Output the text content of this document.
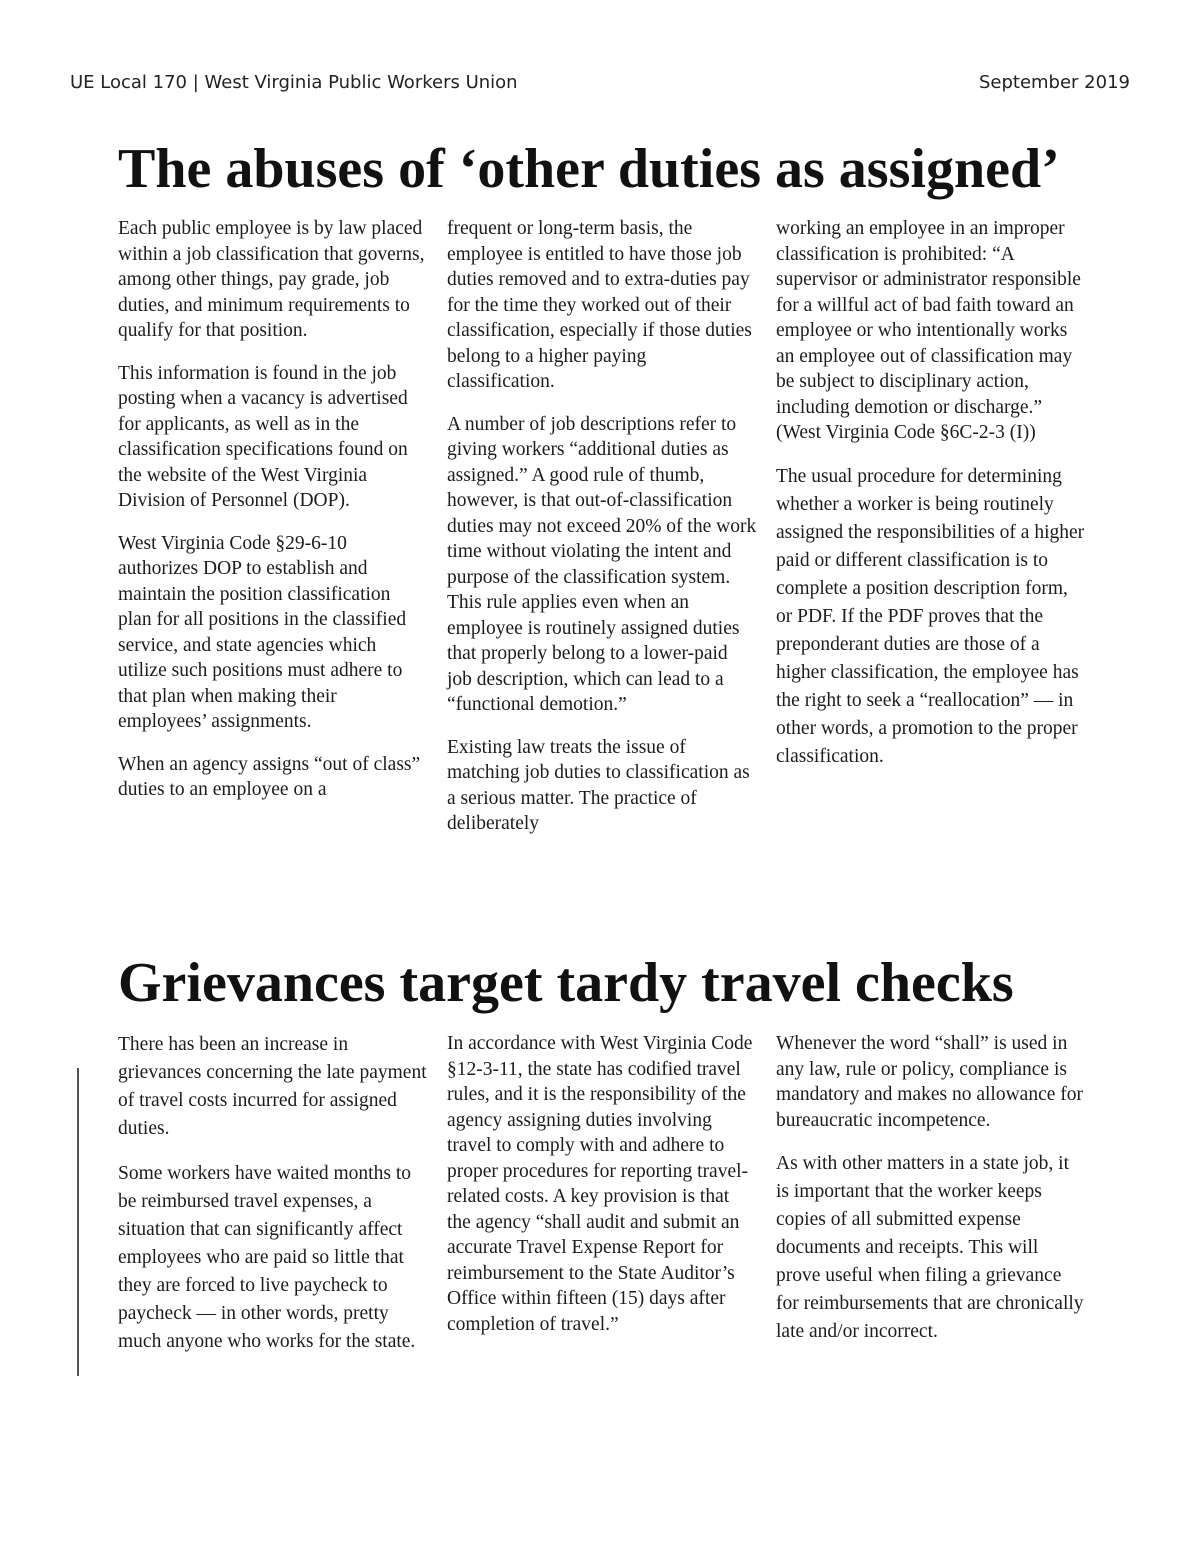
UE Local 170 | West Virginia Public Workers Union	September 2019
The abuses of ‘other duties as assigned’

Each public employee is by law placed within a job classification that governs, among other things, pay grade, job duties, and minimum requirements to qualify for that position.

This information is found in the job posting when a vacancy is advertised for applicants, as well as in the classification specifications found on the website of the West Virginia Division of Personnel (DOP).

West Virginia Code §29-6-10 authorizes DOP to establish and maintain the position classification plan for all positions in the classified service, and state agencies which utilize such positions must adhere to that plan when making their employees’ assignments.

When an agency assigns “out of class” duties to an employee on a

frequent or long-term basis, the employee is entitled to have those job duties removed and to extra-duties pay for the time they worked out of their classification, especially if those duties belong to a higher paying classification.

A number of job descriptions refer to giving workers “additional duties as assigned.” A good rule of thumb, however, is that out-of-classification duties may not exceed 20% of the work time without violating the intent and purpose of the classification system. This rule applies even when an employee is routinely assigned duties that properly belong to a lower-paid job description, which can lead to a “functional demotion.”

Existing law treats the issue of matching job duties to classification as a serious matter. The practice of deliberately

working an employee in an improper classification is prohibited: “A supervisor or administrator responsible for a willful act of bad faith toward an employee or who intentionally works an employee out of classification may be subject to disciplinary action, including demotion or discharge.” (West Virginia Code §6C-2-3 (I))

The usual procedure for determining whether a worker is being routinely assigned the responsibilities of a higher paid or different classification is to complete a position description form, or PDF. If the PDF proves that the preponderant duties are those of a higher classification, the employee has the right to seek a “reallocation” — in other words, a promotion to the proper classification.

Grievances target tardy travel checks

There has been an increase in grievances concerning the late payment of travel costs incurred for assigned duties.

Some workers have waited months to be reimbursed travel expenses, a situation that can significantly affect employees who are paid so little that they are forced to live paycheck to paycheck — in other words, pretty much anyone who works for the state.

In accordance with West Virginia Code §12-3-11, the state has codified travel rules, and it is the responsibility of the agency assigning duties involving travel to comply with and adhere to proper procedures for reporting travel-related costs. A key provision is that the agency “shall audit and submit an accurate Travel Expense Report for reimbursement to the State Auditor’s Office within fifteen (15) days after completion of travel.”

Whenever the word “shall” is used in any law, rule or policy, compliance is mandatory and makes no allowance for bureaucratic incompetence.

As with other matters in a state job, it is important that the worker keeps copies of all submitted expense documents and receipts. This will prove useful when filing a grievance for reimbursements that are chronically late and/or incorrect.
